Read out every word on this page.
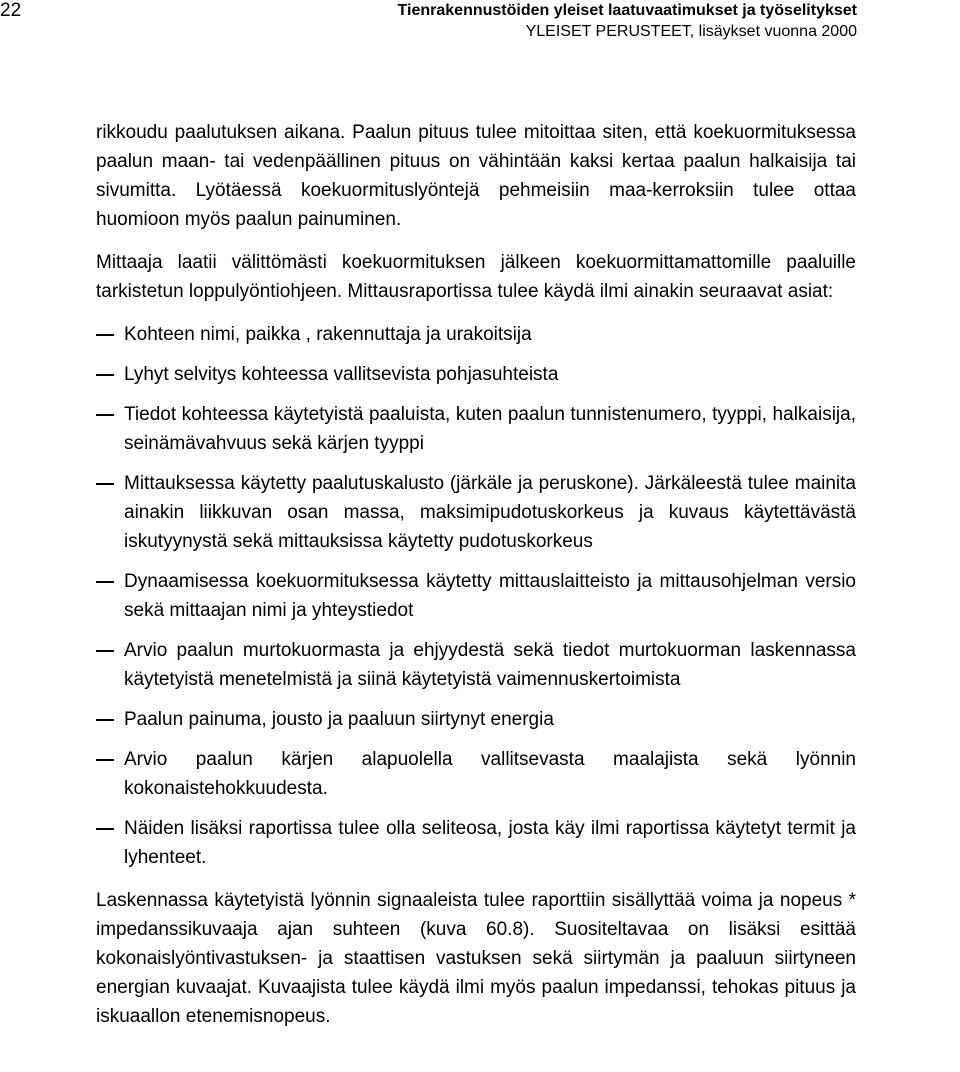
22	Tienrakennustöiden yleiset laatuvaatimukset ja työselitykset
YLEISET PERUSTEET, lisäykset vuonna 2000

rikkoudu paalutuksen aikana. Paalun pituus tulee mitoittaa siten, että koekuormituksessa paalun maan- tai vedenpäällinen pituus on vähintään kaksi kertaa paalun halkaisija tai sivumitta. Lyötäessä koekuormituslyöntejä pehmeisiin maa-kerroksiin tulee ottaa huomioon myös paalun painuminen.

Mittaaja laatii välittömästi koekuormituksen jälkeen koekuormittamattomille paaluille tarkistetun loppulyöntiohjeen. Mittausraportissa tulee käydä ilmi ainakin seuraavat asiat:

Kohteen nimi, paikka , rakennuttaja ja urakoitsija
Lyhyt selvitys kohteessa vallitsevista pohjasuhteista
Tiedot kohteessa käytetyistä paaluista, kuten paalun tunnistenumero, tyyppi, halkaisija, seinämävahvuus sekä kärjen tyyppi
Mittauksessa käytetty paalutuskalusto (järkäle ja peruskone). Järkäleestä tulee mainita ainakin liikkuvan osan massa, maksimipudotuskorkeus ja kuvaus käytettävästä iskutyynystä sekä mittauksissa käytetty pudotuskorkeus
Dynaamisessa koekuormituksessa käytetty mittauslaitteisto ja mittausohjelman versio sekä mittaajan nimi ja yhteystiedot
Arvio paalun murtokuormasta ja ehjyydestä sekä tiedot murtokuorman laskennassa käytetyistä menetelmistä ja siinä käytetyistä vaimennuskertoimista
Paalun painuma, jousto ja paaluun siirtynyt energia
Arvio paalun kärjen alapuolella vallitsevasta maalajista sekä lyönnin kokonaistehokkuudesta.
Näiden lisäksi raportissa tulee olla seliteosa, josta käy ilmi raportissa käytetyt termit ja lyhenteet.

Laskennassa käytetyistä lyönnin signaaleista tulee raporttiin sisällyttää voima ja nopeus * impedanssikuvaaja ajan suhteen (kuva 60.8). Suositeltavaa on lisäksi esittää kokonaislyöntivastuksen- ja staattisen vastuksen sekä siirtymän ja paaluun siirtyneen energian kuvaajat. Kuvaajista tulee käydä ilmi myös paalun impedanssi, tehokas pituus ja iskuaallon etenemisnopeus.
